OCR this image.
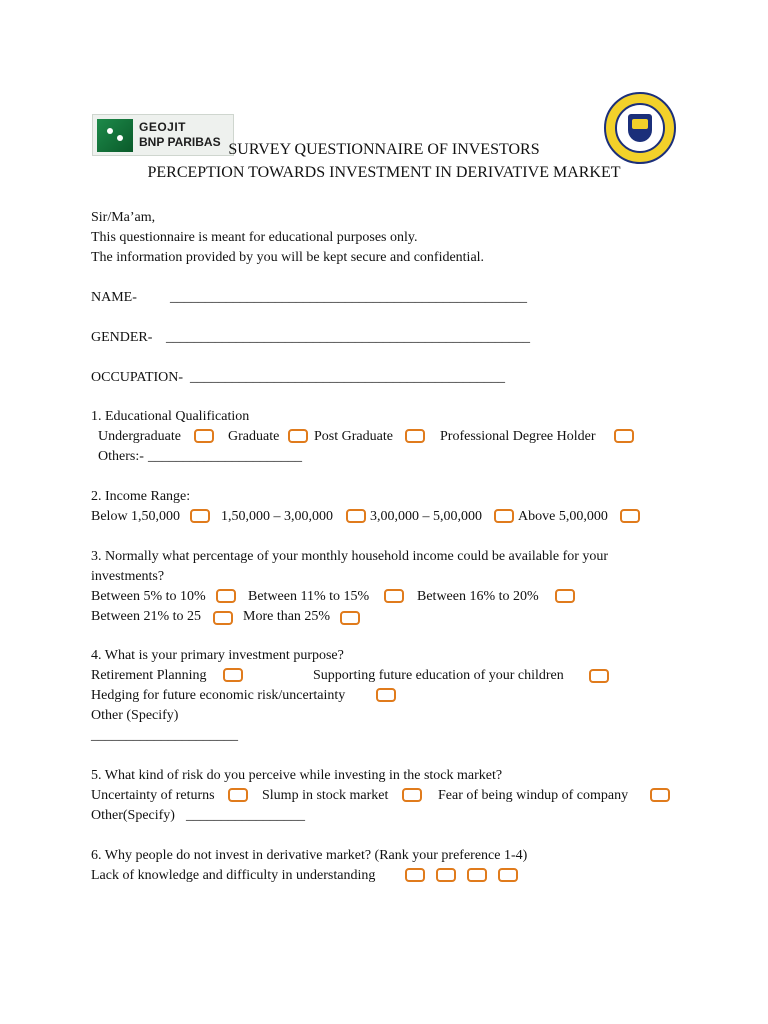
GEOJIT
BNP PARIBAS SURVEY QUESTIONNAIRE OF INVESTORS
PERCEPTION TOWARDS INVESTMENT IN DERIVATIVE MARKET
Sir/Ma’am,
This questionnaire is meant for educational purposes only.
The information provided by you will be kept secure and confidential.
NAME- ___________________________________________________
GENDER- ____________________________________________________
OCCUPATION- _____________________________________________
1. Educational Qualification
Undergraduate	Graduate Post Graduate	Professional Degree Holder
Others:- ______________________
2. Income Range:
Below 1,50,000	1,50,000 – 3,00,000	3,00,000 – 5,00,000	Above 5,00,000
3. Normally what percentage of your monthly household income could be available for your
investments?
Between 5% to 10%	Between 11% to 15%	Between 16% to 20%
Between 21% to 25	More than 25%
4. What is your primary investment purpose?
Retirement Planning	Supporting future education of your children
Hedging for future economic risk/uncertainty
Other (Specify)
_____________________
5. What kind of risk do you perceive while investing in the stock market?
Uncertainty of returns	Slump in stock market	Fear of being windup of company
Other(Specify) _________________
6. Why people do not invest in derivative market? (Rank your preference 1-4)
Lack of knowledge and difficulty in understanding
